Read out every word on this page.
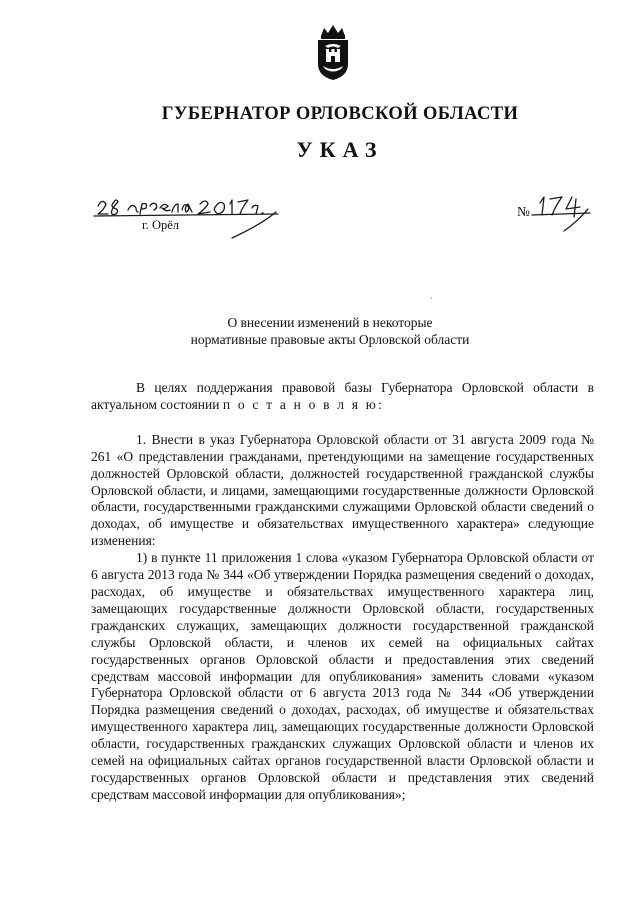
ГУБЕРНАТОР ОРЛОВСКОЙ ОБЛАСТИ
УКАЗ
г. Орёл
№
О внесении изменений в некоторые
нормативные правовые акты Орловской области

В целях поддержания правовой базы Губернатора Орловской области в актуальном состоянии п о с т а н о в л я ю:

1. Внести в указ Губернатора Орловской области от 31 августа 2009 года № 261 «О представлении гражданами, претендующими на замещение государственных должностей Орловской области, должностей государственной гражданской службы Орловской области, и лицами, замещающими государственные должности Орловской области, государственными гражданскими служащими Орловской области сведений о доходах, об имуществе и обязательствах имущественного характера» следующие изменения:

1) в пункте 11 приложения 1 слова «указом Губернатора Орловской области от 6 августа 2013 года № 344 «Об утверждении Порядка размещения сведений о доходах, расходах, об имуществе и обязательствах имущественного характера лиц, замещающих государственные должности Орловской области, государственных гражданских служащих, замещающих должности государственной гражданской службы Орловской области, и членов их семей на официальных сайтах государственных органов Орловской области и предоставления этих сведений средствам массовой информации для опубликования» заменить словами «указом Губернатора Орловской области от 6 августа 2013 года № 344 «Об утверждении Порядка размещения сведений о доходах, расходах, об имуществе и обязательствах имущественного характера лиц, замещающих государственные должности Орловской области, государственных гражданских служащих Орловской области и членов их семей на официальных сайтах органов государственной власти Орловской области и государственных органов Орловской области и представления этих сведений средствам массовой информации для опубликования»;
